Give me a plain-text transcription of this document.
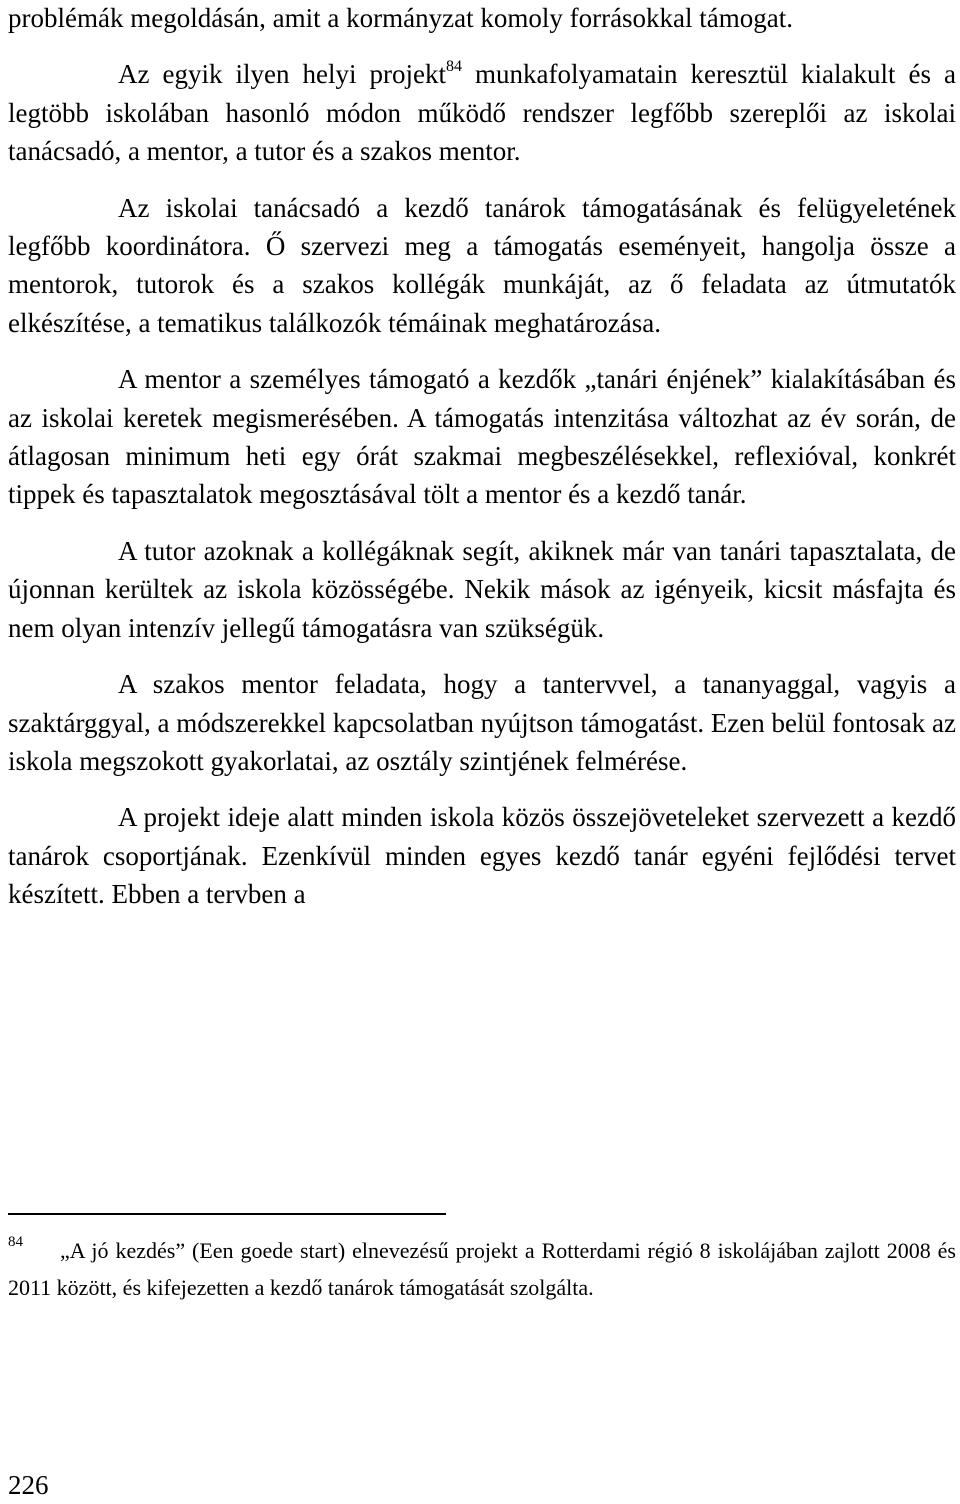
problémák megoldásán, amit a kormányzat komoly forrásokkal támogat.

Az egyik ilyen helyi projekt$^{84}$ munkafolyamatain keresztül kialakult és a legtöbb iskolában hasonló módon működő rendszer legfőbb szereplői az iskolai tanácsadó, a mentor, a tutor és a szakos mentor.

Az iskolai tanácsadó a kezdő tanárok támogatásának és felügyeletének legfőbb koordinátora. Ő szervezi meg a támogatás eseményeit, hangolja össze a mentorok, tutorok és a szakos kollégák munkáját, az ő feladata az útmutatók elkészítése, a tematikus találkozók témáinak meghatározása.

A mentor a személyes támogató a kezdők „tanári énjének” kialakításában és az iskolai keretek megismerésében. A támogatás intenzitása változhat az év során, de átlagosan minimum heti egy órát szakmai megbeszélésekkel, reflexióval, konkrét tippek és tapasztalatok megosztásával tölt a mentor és a kezdő tanár.

A tutor azoknak a kollégáknak segít, akiknek már van tanári tapasztalata, de újonnan kerültek az iskola közösségébe. Nekik mások az igényeik, kicsit másfajta és nem olyan intenzív jellegű támogatásra van szükségük.

A szakos mentor feladata, hogy a tantervvel, a tananyaggal, vagyis a szaktárggyal, a módszerekkel kapcsolatban nyújtson támogatást. Ezen belül fontosak az iskola megszokott gyakorlatai, az osztály szintjének felmérése.

A projekt ideje alatt minden iskola közös összejöveteleket szervezett a kezdő tanárok csoportjának. Ezenkívül minden egyes kezdő tanár egyéni fejlődési tervet készített. Ebben a tervben a

84 „A jó kezdés” (Een goede start) elnevezésű projekt a Rotterdami régió 8 iskolájában zajlott 2008 és 2011 között, és kifejezetten a kezdő tanárok támogatását szolgálta.

226
